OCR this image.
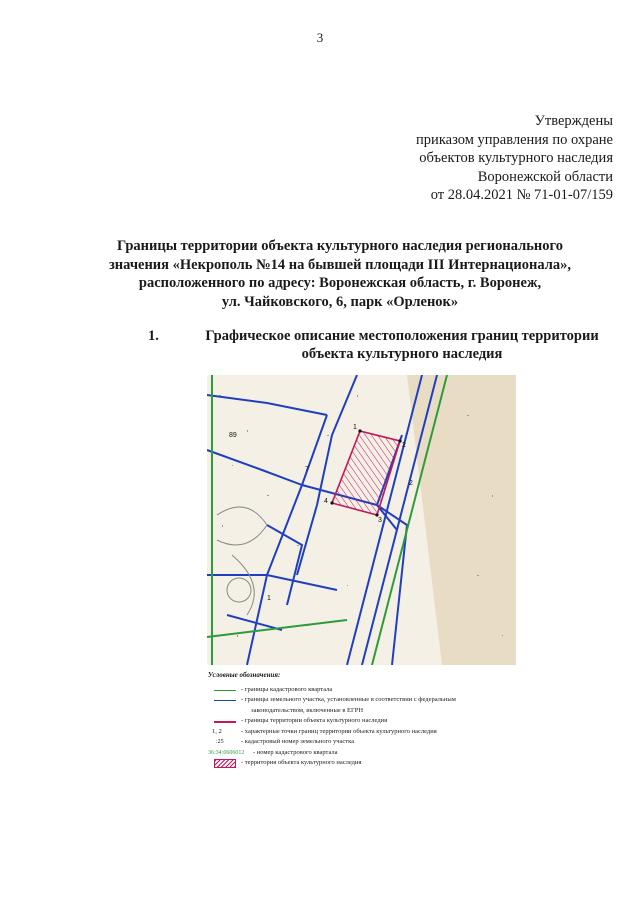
3
Утверждены
приказом управления по охране
объектов культурного наследия
Воронежской области
от 28.04.2021 № 71-01-07/159
Границы территории объекта культурного наследия регионального
значения «Некрополь №14 на бывшей площади III Интернационала»,
расположенного по адресу: Воронежская область, г. Воронеж,
ул. Чайковского, 6, парк «Орленок»
1.	Графическое описание местоположения границ территории
объекта культурного наследия
1
2
3
4
89
7
2
1
Условные обозначения:
- границы кадастрового квартала
- границы земельного участка, установленные в соответствии с федеральным
законодательством, включенные в ЕГРН
- границы территории объекта культурного наследия
1, 2	- характерные точки границ территории объекта культурного наследия
:25	- кадастровый номер земельного участка
36:34:0606012 - номер кадастрового квартала
- территория объекта культурного наследия
